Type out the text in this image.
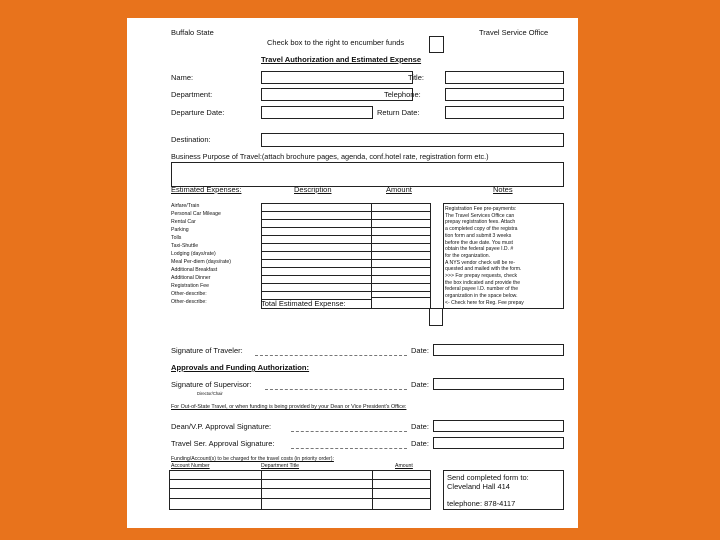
Buffalo State	Travel Service Office
Check box to the right to encumber funds
Travel Authorization and Estimated Expense
Name:	Title:
Department:	Telephone:
Departure Date:	Return Date:
Destination:
Business Purpose of Travel:(attach brochure pages, agenda, conf.hotel rate, registration form etc.)
Estimated Expenses:	Description	Amount	Notes
Airfare/Train
Personal Car Mileage
Rental Car
Parking
Tolls
Taxi-Shuttle
Lodging (days/rate)
Meal Per-diem (days/rate)
Additional Breakfast
Additional Dinner
Registration Fee
Other-describe:
Other-describe:
Registration Fee pre-payments:
The Travel Services Office can
prepay registration fees. Attach
a completed copy of the registra
tion form and submit 3 weeks
before the due date. You must
obtain the federal payee I.D. #
for the organization.
A NYS vendor check will be re-
quested and mailed with the form.
>>> For prepay requests, check
the box indicated and provide the
federal payee I.D. number of the
organization in the space below.
<- Check here for Reg. Fee prepay
Total Estimated Expense:
Signature of Traveler:	Date:
Approvals and Funding Authorization:
Signature of Supervisor:	Date:
Director/Chair
For Out-of-State Travel, or when funding is being provided by your Dean or Vice President's Office:
Dean/V.P. Approval Signature:	Date:
Travel Ser. Approval Signature:	Date:
Funding/Account(s) to be charged for the travel costs (in priority order):
Account Number	Department Title	Amount
Send completed form to:
Cleveland Hall 414
telephone: 878-4117
